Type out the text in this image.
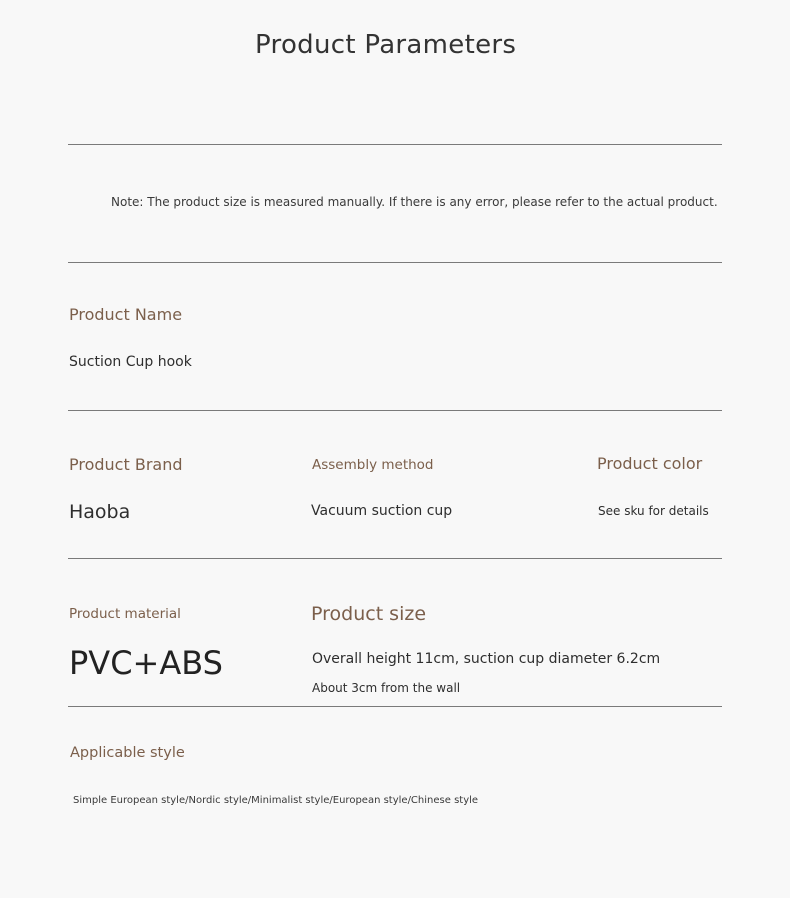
Product Parameters
Note: The product size is measured manually. If there is any error, please refer to the actual product.
Product Name
Suction Cup hook
Product Brand
Haoba
Assembly method
Vacuum suction cup
Product color
See sku for details
Product material
PVC+ABS
Product size
Overall height 11cm, suction cup diameter 6.2cm
About 3cm from the wall
Applicable style
Simple European style/Nordic style/Minimalist style/European style/Chinese style
